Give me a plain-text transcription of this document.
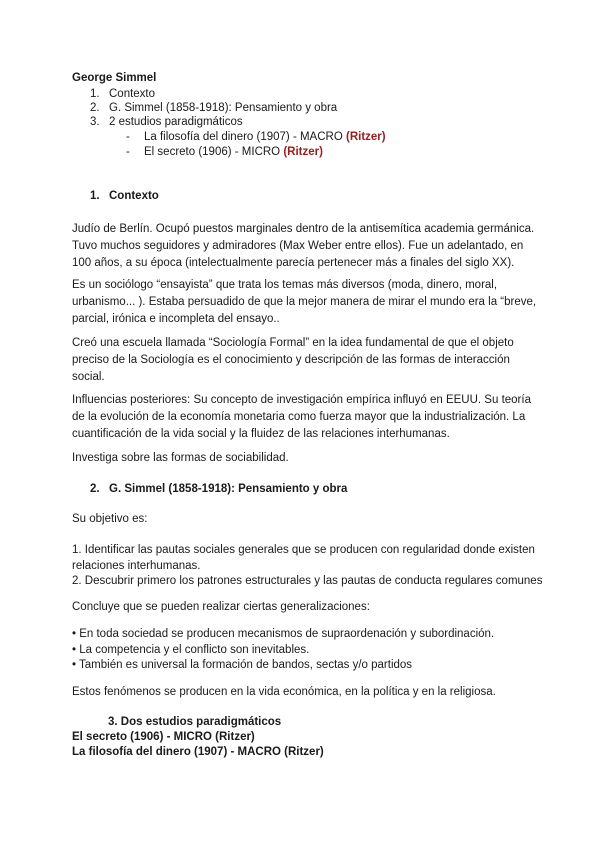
George Simmel
1. Contexto
2. G. Simmel (1858-1918): Pensamiento y obra
3. 2 estudios paradigmáticos
- La filosofía del dinero (1907) - MACRO (Ritzer)
- El secreto (1906) - MICRO (Ritzer)
1. Contexto
Judío de Berlín. Ocupó puestos marginales dentro de la antisemítica academia germánica.
Tuvo muchos seguidores y admiradores (Max Weber entre ellos). Fue un adelantado, en
100 años, a su época (intelectualmente parecía pertenecer más a finales del siglo XX).
Es un sociólogo “ensayista” que trata los temas más diversos (moda, dinero, moral,
urbanismo... ). Estaba persuadido de que la mejor manera de mirar el mundo era la “breve,
parcial, irónica e incompleta del ensayo..
Creó una escuela llamada “Sociología Formal” en la idea fundamental de que el objeto
preciso de la Sociología es el conocimiento y descripción de las formas de interacción
social.
Influencias posteriores: Su concepto de investigación empírica influyó en EEUU. Su teoría
de la evolución de la economía monetaria como fuerza mayor que la industrialización. La
cuantificación de la vida social y la fluidez de las relaciones interhumanas.
Investiga sobre las formas de sociabilidad.
2. G. Simmel (1858-1918): Pensamiento y obra
Su objetivo es:
1. Identificar las pautas sociales generales que se producen con regularidad donde existen
relaciones interhumanas.
2. Descubrir primero los patrones estructurales y las pautas de conducta regulares comunes
Concluye que se pueden realizar ciertas generalizaciones:
• En toda sociedad se producen mecanismos de supraordenación y subordinación.
• La competencia y el conflicto son inevitables.
• También es universal la formación de bandos, sectas y/o partidos
Estos fenómenos se producen en la vida económica, en la política y en la religiosa.
3. Dos estudios paradigmáticos
El secreto (1906) - MICRO (Ritzer)
La filosofía del dinero (1907) - MACRO (Ritzer)
